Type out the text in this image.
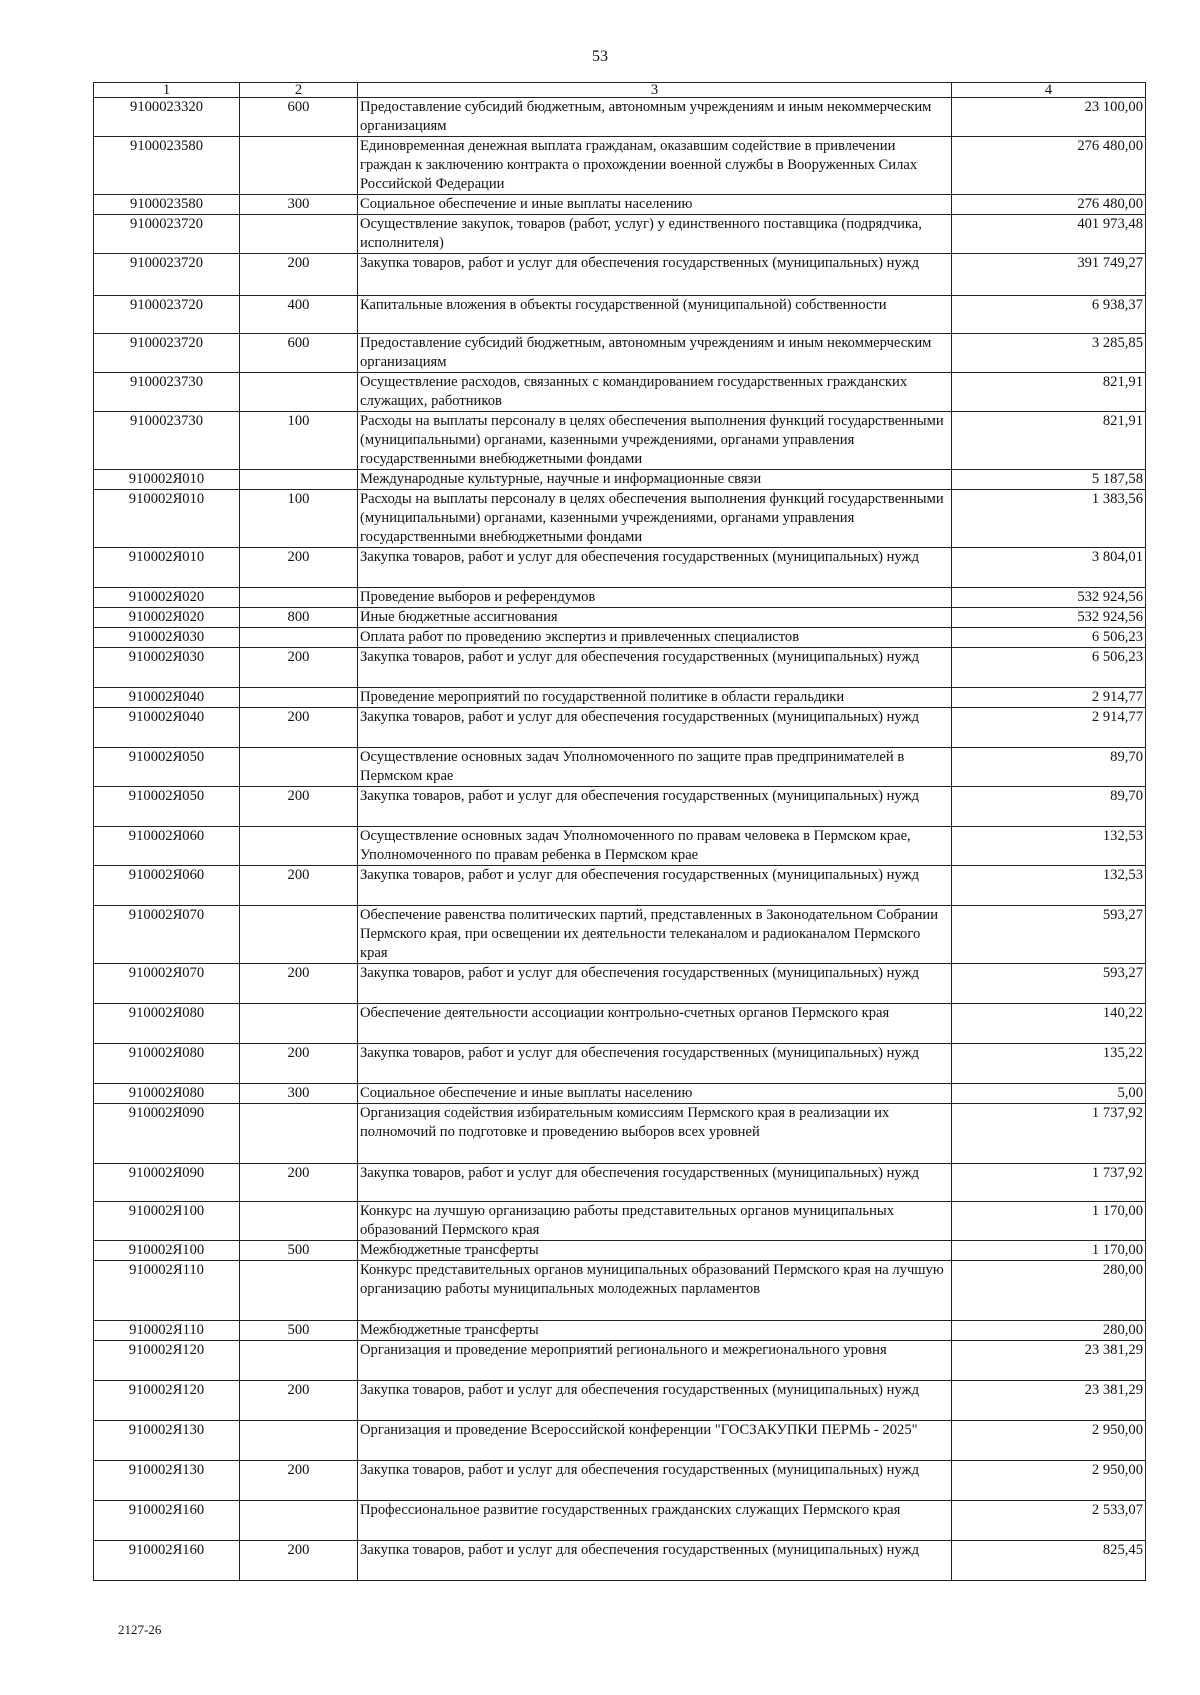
53
1	2	3	4
9100023320	600	Предоставление субсидий бюджетным, автономным учреждениям и иным некоммерческим организациям	23 100,00
9100023580		Единовременная денежная выплата гражданам, оказавшим содействие в привлечении граждан к заключению контракта о прохождении военной службы в Вооруженных Силах Российской Федерации	276 480,00
9100023580	300	Социальное обеспечение и иные выплаты населению	276 480,00
9100023720		Осуществление закупок, товаров (работ, услуг) у единственного поставщика (подрядчика, исполнителя)	401 973,48
9100023720	200	Закупка товаров, работ и услуг для обеспечения государственных (муниципальных) нужд	391 749,27
9100023720	400	Капитальные вложения в объекты государственной (муниципальной) собственности	6 938,37
9100023720	600	Предоставление субсидий бюджетным, автономным учреждениям и иным некоммерческим организациям	3 285,85
9100023730		Осуществление расходов, связанных с командированием государственных гражданских служащих, работников	821,91
9100023730	100	Расходы на выплаты персоналу в целях обеспечения выполнения функций государственными (муниципальными) органами, казенными учреждениями, органами управления государственными внебюджетными фондами	821,91
910002Я010		Международные культурные, научные и информационные связи	5 187,58
910002Я010	100	Расходы на выплаты персоналу в целях обеспечения выполнения функций государственными (муниципальными) органами, казенными учреждениями, органами управления государственными внебюджетными фондами	1 383,56
910002Я010	200	Закупка товаров, работ и услуг для обеспечения государственных (муниципальных) нужд	3 804,01
910002Я020		Проведение выборов и референдумов	532 924,56
910002Я020	800	Иные бюджетные ассигнования	532 924,56
910002Я030		Оплата работ по проведению экспертиз и привлеченных специалистов	6 506,23
910002Я030	200	Закупка товаров, работ и услуг для обеспечения государственных (муниципальных) нужд	6 506,23
910002Я040		Проведение мероприятий по государственной политике в области геральдики	2 914,77
910002Я040	200	Закупка товаров, работ и услуг для обеспечения государственных (муниципальных) нужд	2 914,77
910002Я050		Осуществление основных задач Уполномоченного по защите прав предпринимателей в Пермском крае	89,70
910002Я050	200	Закупка товаров, работ и услуг для обеспечения государственных (муниципальных) нужд	89,70
910002Я060		Осуществление основных задач Уполномоченного по правам человека в Пермском крае, Уполномоченного по правам ребенка в Пермском крае	132,53
910002Я060	200	Закупка товаров, работ и услуг для обеспечения государственных (муниципальных) нужд	132,53
910002Я070		Обеспечение равенства политических партий, представленных в Законодательном Собрании Пермского края, при освещении их деятельности телеканалом и радиоканалом Пермского края	593,27
910002Я070	200	Закупка товаров, работ и услуг для обеспечения государственных (муниципальных) нужд	593,27
910002Я080		Обеспечение деятельности ассоциации контрольно-счетных органов Пермского края	140,22
910002Я080	200	Закупка товаров, работ и услуг для обеспечения государственных (муниципальных) нужд	135,22
910002Я080	300	Социальное обеспечение и иные выплаты населению	5,00
910002Я090		Организация содействия избирательным комиссиям Пермского края в реализации их полномочий по подготовке и проведению выборов всех уровней	1 737,92
910002Я090	200	Закупка товаров, работ и услуг для обеспечения государственных (муниципальных) нужд	1 737,92
910002Я100		Конкурс на лучшую организацию работы представительных органов муниципальных образований Пермского края	1 170,00
910002Я100	500	Межбюджетные трансферты	1 170,00
910002Я110		Конкурс представительных органов муниципальных образований Пермского края на лучшую организацию работы муниципальных молодежных парламентов	280,00
910002Я110	500	Межбюджетные трансферты	280,00
910002Я120		Организация и проведение мероприятий регионального и межрегионального уровня	23 381,29
910002Я120	200	Закупка товаров, работ и услуг для обеспечения государственных (муниципальных) нужд	23 381,29
910002Я130		Организация и проведение Всероссийской конференции "ГОСЗАКУПКИ ПЕРМЬ - 2025"	2 950,00
910002Я130	200	Закупка товаров, работ и услуг для обеспечения государственных (муниципальных) нужд	2 950,00
910002Я160		Профессиональное развитие государственных гражданских служащих Пермского края	2 533,07
910002Я160	200	Закупка товаров, работ и услуг для обеспечения государственных (муниципальных) нужд	825,45
2127-26
